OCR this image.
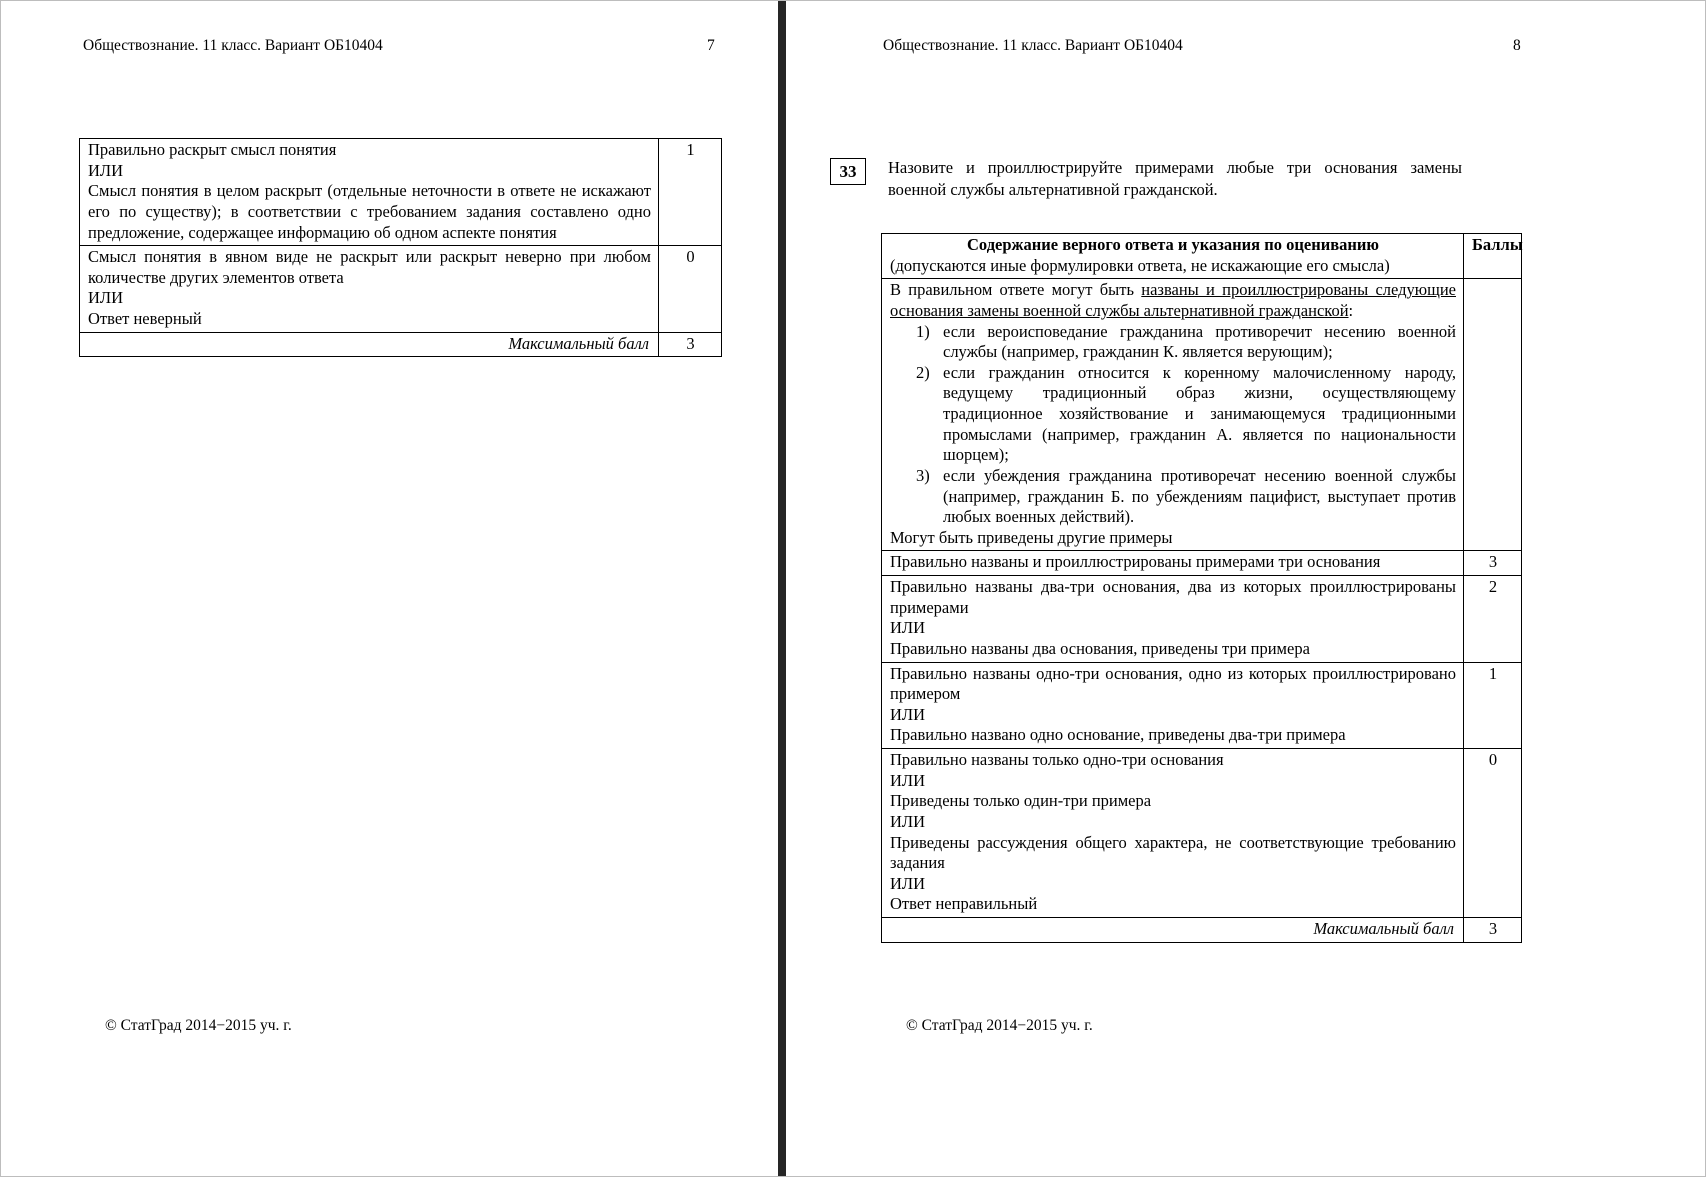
Обществознание. 11 класс. Вариант ОБ10404	7
Правильно раскрыт смысл понятия
ИЛИ
Смысл понятия в целом раскрыт (отдельные неточности в ответе не искажают его по существу); в соответствии с требованием задания составлено одно предложение, содержащее информацию об одном аспекте понятия	1

Смысл понятия в явном виде не раскрыт или раскрыт неверно при любом количестве других элементов ответа
ИЛИ
Ответ неверный	0
Максимальный балл	3
© СтатГрад 2014−2015 уч. г.
Обществознание. 11 класс. Вариант ОБ10404	8
33	Назовите и проиллюстрируйте примерами любые три основания замены военной службы альтернативной гражданской.
Содержание верного ответа и указания по оцениванию
(допускаются иные формулировки ответа, не искажающие его смысла)	Баллы

В правильном ответе могут быть названы и проиллюстрированы следующие основания замены военной службы альтернативной гражданской:
1) если вероисповедание гражданина противоречит несению военной службы (например, гражданин К. является верующим);
2) если гражданин относится к коренному малочисленному народу, ведущему традиционный образ жизни, осуществляющему традиционное хозяйствование и занимающемуся традиционными промыслами (например, гражданин А. является по национальности шорцем);
3) если убеждения гражданина противоречат несению военной службы (например, гражданин Б. по убеждениям пацифист, выступает против любых военных действий).
Могут быть приведены другие примеры

Правильно названы и проиллюстрированы примерами три основания	3

Правильно названы два-три основания, два из которых проиллюстрированы примерами
ИЛИ
Правильно названы два основания, приведены три примера	2

Правильно названы одно-три основания, одно из которых проиллюстрировано примером
ИЛИ
Правильно названо одно основание, приведены два-три примера	1

Правильно названы только одно-три основания
ИЛИ
Приведены только один-три примера
ИЛИ
Приведены рассуждения общего характера, не соответствующие требованию задания
ИЛИ
Ответ неправильный
	0
Максимальный балл	3
© СтатГрад 2014−2015 уч. г.
